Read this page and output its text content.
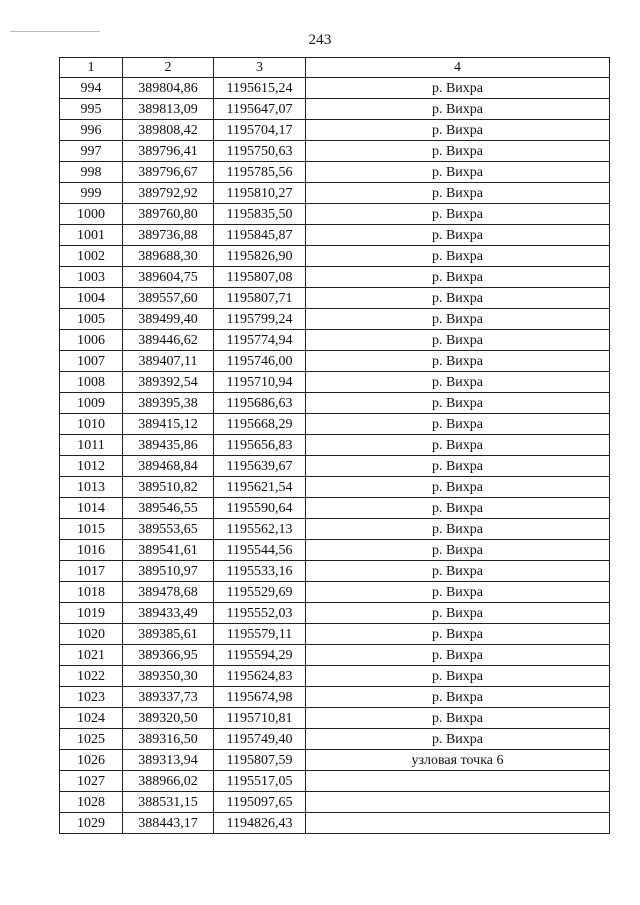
243
1	2	3	4
994	389804,86	1195615,24	р. Вихра
995	389813,09	1195647,07	р. Вихра
996	389808,42	1195704,17	р. Вихра
997	389796,41	1195750,63	р. Вихра
998	389796,67	1195785,56	р. Вихра
999	389792,92	1195810,27	р. Вихра
1000	389760,80	1195835,50	р. Вихра
1001	389736,88	1195845,87	р. Вихра
1002	389688,30	1195826,90	р. Вихра
1003	389604,75	1195807,08	р. Вихра
1004	389557,60	1195807,71	р. Вихра
1005	389499,40	1195799,24	р. Вихра
1006	389446,62	1195774,94	р. Вихра
1007	389407,11	1195746,00	р. Вихра
1008	389392,54	1195710,94	р. Вихра
1009	389395,38	1195686,63	р. Вихра
1010	389415,12	1195668,29	р. Вихра
1011	389435,86	1195656,83	р. Вихра
1012	389468,84	1195639,67	р. Вихра
1013	389510,82	1195621,54	р. Вихра
1014	389546,55	1195590,64	р. Вихра
1015	389553,65	1195562,13	р. Вихра
1016	389541,61	1195544,56	р. Вихра
1017	389510,97	1195533,16	р. Вихра
1018	389478,68	1195529,69	р. Вихра
1019	389433,49	1195552,03	р. Вихра
1020	389385,61	1195579,11	р. Вихра
1021	389366,95	1195594,29	р. Вихра
1022	389350,30	1195624,83	р. Вихра
1023	389337,73	1195674,98	р. Вихра
1024	389320,50	1195710,81	р. Вихра
1025	389316,50	1195749,40	р. Вихра
1026	389313,94	1195807,59	узловая точка 6
1027	388966,02	1195517,05	
1028	388531,15	1195097,65	
1029	388443,17	1194826,43	
